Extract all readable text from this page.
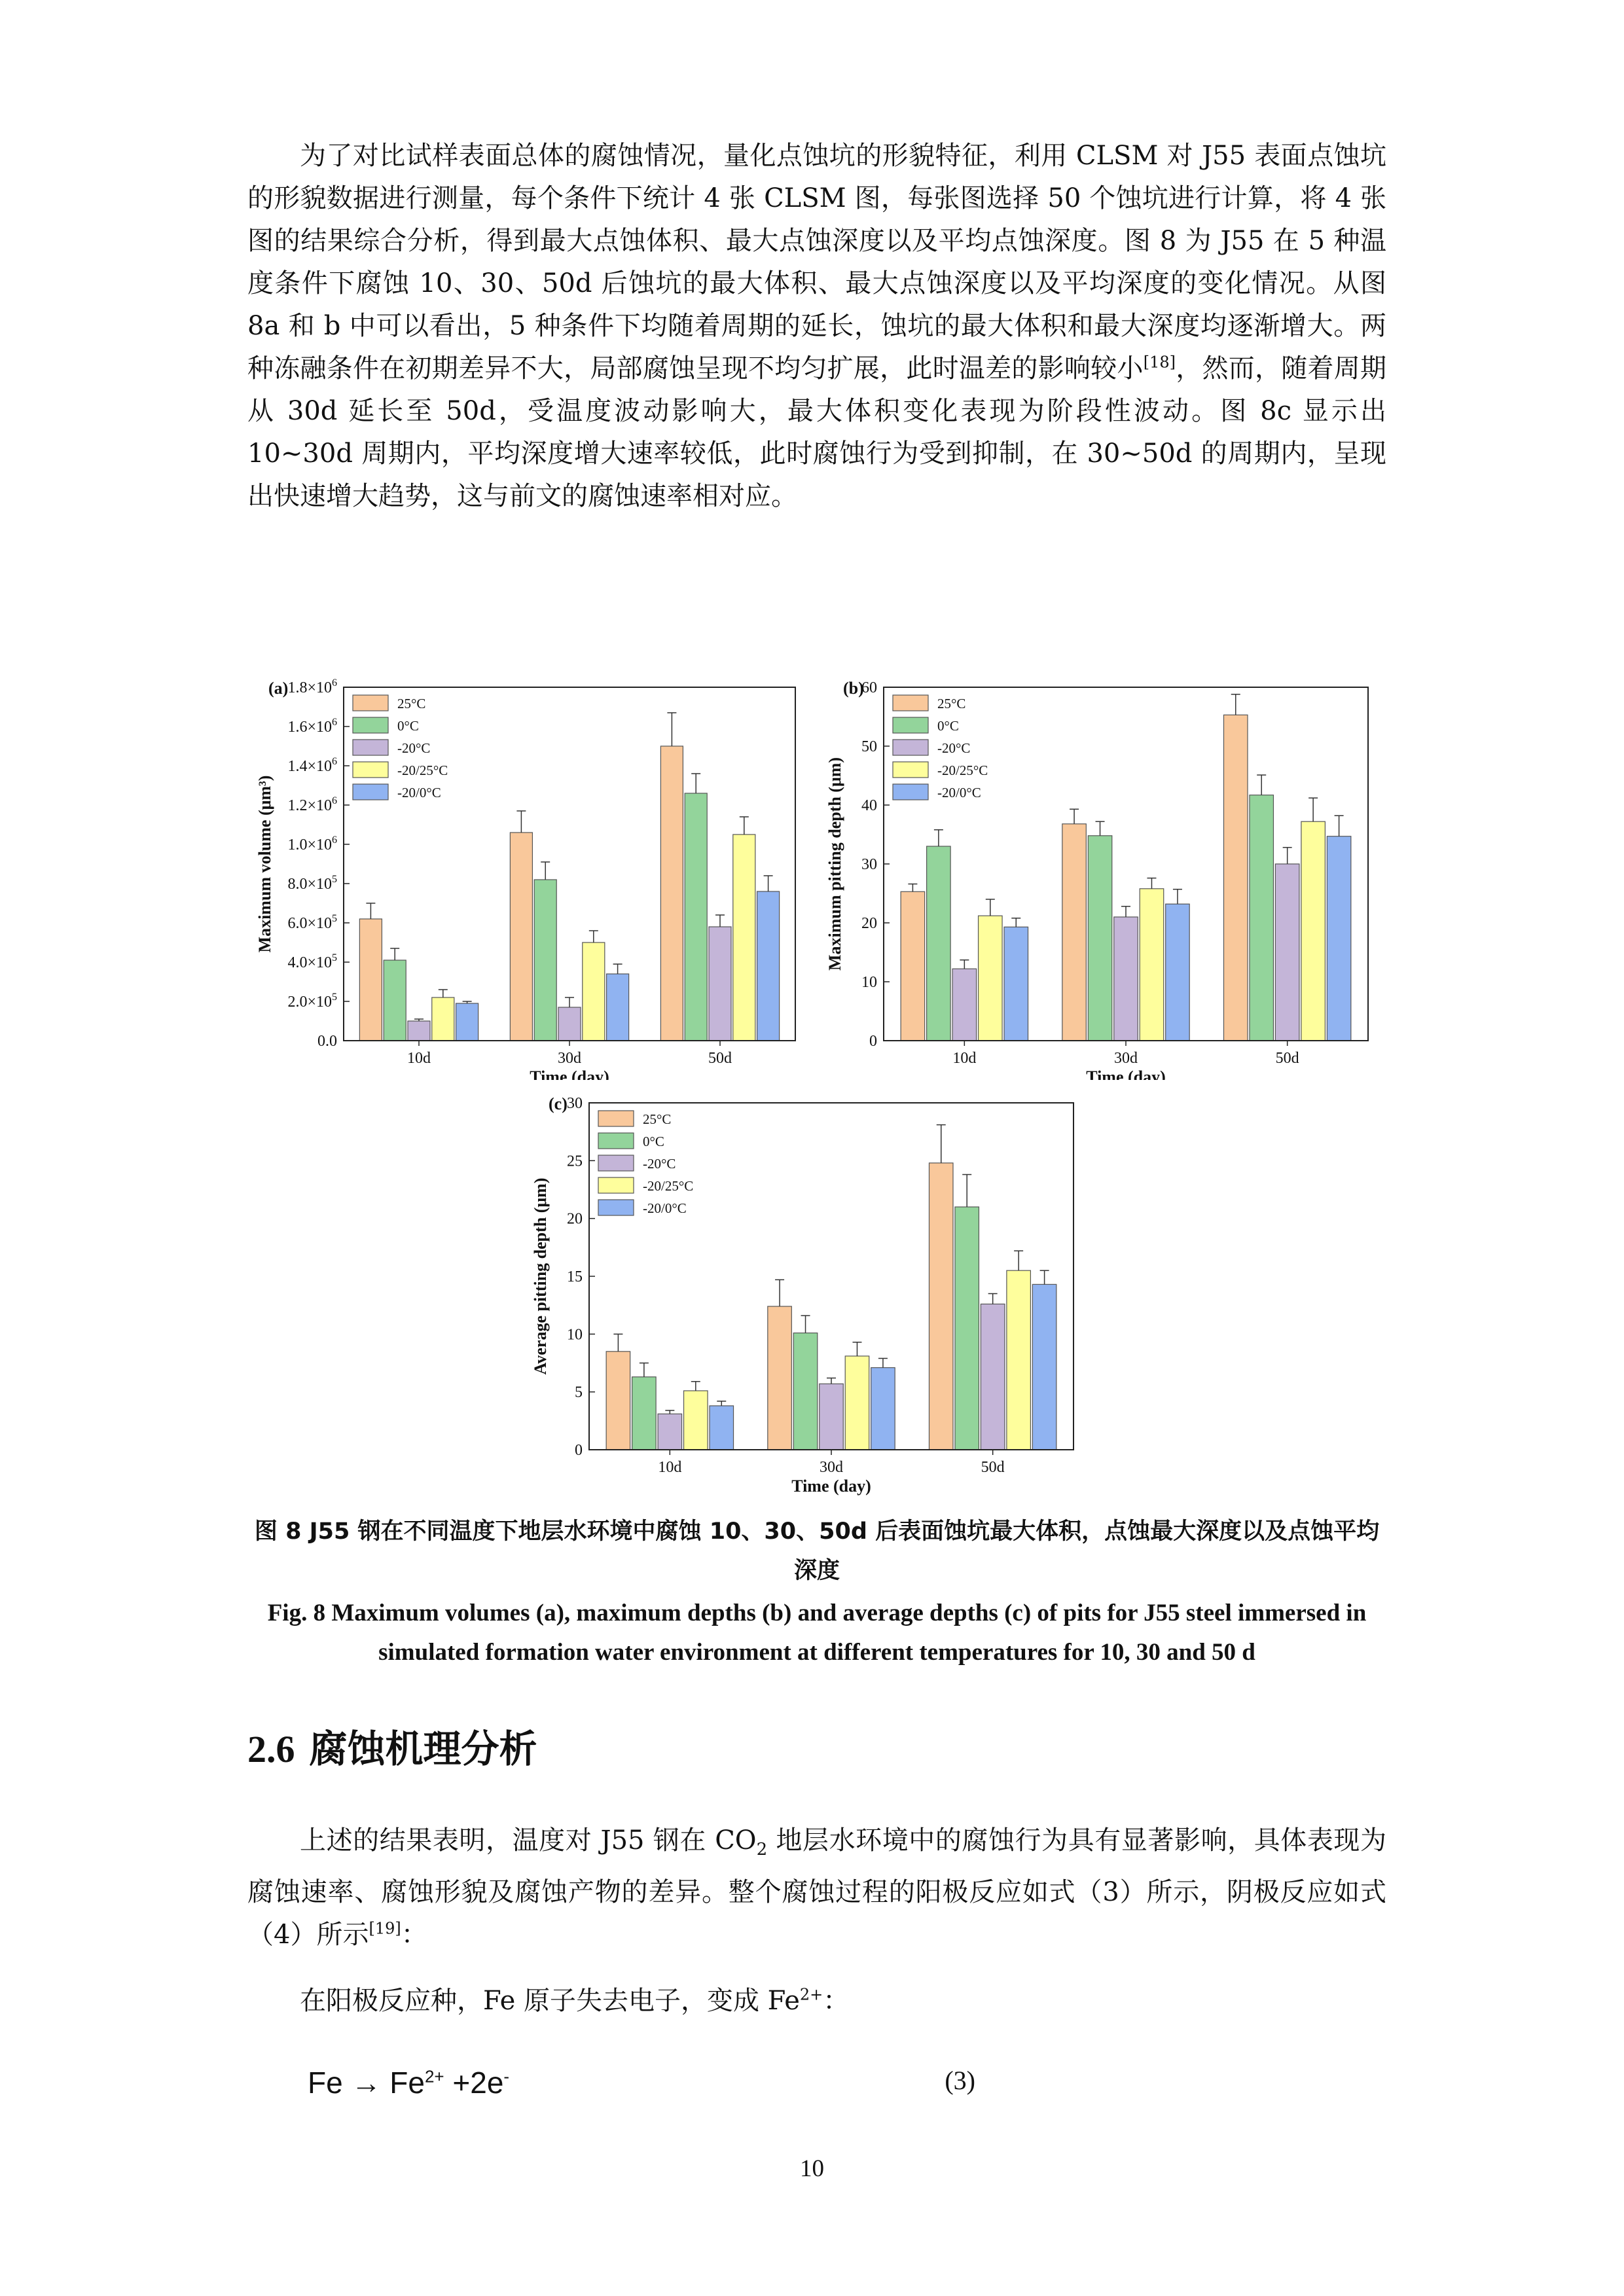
为了对比试样表面总体的腐蚀情况，量化点蚀坑的形貌特征，利用 CLSM 对 J55 表面点蚀坑的形貌数据进行测量，每个条件下统计 4 张 CLSM 图，每张图选择 50 个蚀坑进行计算，将 4 张图的结果综合分析，得到最大点蚀体积、最大点蚀深度以及平均点蚀深度。图 8 为 J55 在 5 种温度条件下腐蚀 10、30、50d 后蚀坑的最大体积、最大点蚀深度以及平均深度的变化情况。从图 8a 和 b 中可以看出，5 种条件下均随着周期的延长，蚀坑的最大体积和最大深度均逐渐增大。两种冻融条件在初期差异不大，局部腐蚀呈现不均匀扩展，此时温差的影响较小[18]，然而，随着周期从 30d 延长至 50d，受温度波动影响大，最大体积变化表现为阶段性波动。图 8c 显示出 10~30d 周期内，平均深度增大速率较低，此时腐蚀行为受到抑制，在 30~50d 的周期内，呈现出快速增大趋势，这与前文的腐蚀速率相对应。
10d	30d	50d
0.0
$2.0\times 10^5$
$4.0\times 10^5$
$6.0\times 10^5$
$8.0\times 10^5$
$1.0\times 10^6$
$1.2\times 10^6$
$1.4\times 10^6$
$1.6\times 10^6$
$1.8\times 10^6$
Time (day)
Maximum volume (μm³)
(a)
25°C
0°C
-20°C
-20/25°C
-20/0°C
10d	30d	50d
0
10
20
30
40
50
60
Time (day)
Maximum pitting depth (μm)
(b)
25°C
0°C
-20°C
-20/25°C
-20/0°C
10d	30d	50d
0
5
10
15
20
25
30
Time (day)
Average pitting depth (μm)
(c)
25°C
0°C
-20°C
-20/25°C
-20/0°C
图 8 J55 钢在不同温度下地层水环境中腐蚀 10、30、50d 后表面蚀坑最大体积，点蚀最大深度以及点蚀平均深度
Fig. 8 Maximum volumes (a), maximum depths (b) and average depths (c) of pits for J55 steel immersed in simulated formation water environment at different temperatures for 10, 30 and 50 d
2.6 腐蚀机理分析
上述的结果表明，温度对 J55 钢在 $CO_2$ 地层水环境中的腐蚀行为具有显著影响，具体表现为腐蚀速率、腐蚀形貌及腐蚀产物的差异。整个腐蚀过程的阳极反应如式（3）所示，阴极反应如式（4）所示[19]：
在阳极反应种，Fe 原子失去电子，变成 $Fe^{2+}$：
$Fe \to Fe^{2+} +2e^-$	(3)
10
